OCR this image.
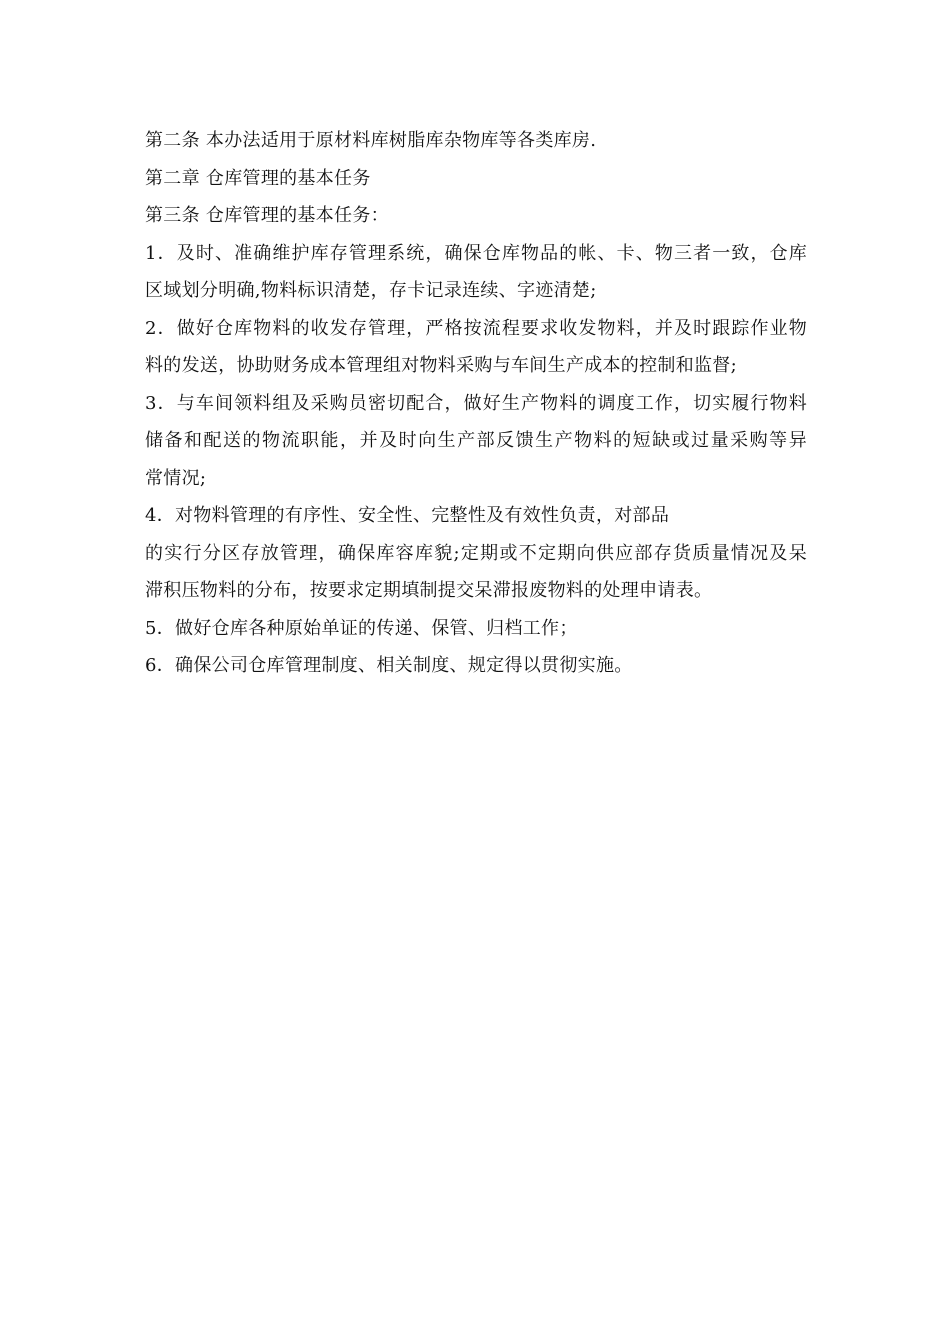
第二条 本办法适用于原材料库树脂库杂物库等各类库房.
第二章 仓库管理的基本任务
第三条 仓库管理的基本任务：
1．及时、准确维护库存管理系统，确保仓库物品的帐、卡、物三者一致，仓库
区域划分明确,物料标识清楚，存卡记录连续、字迹清楚;
2．做好仓库物料的收发存管理，严格按流程要求收发物料，并及时跟踪作业物
料的发送，协助财务成本管理组对物料采购与车间生产成本的控制和监督;
3．与车间领料组及采购员密切配合，做好生产物料的调度工作，切实履行物料
储备和配送的物流职能，并及时向生产部反馈生产物料的短缺或过量采购等异
常情况;
4．对物料管理的有序性、安全性、完整性及有效性负责，对部品
的实行分区存放管理，确保库容库貌;定期或不定期向供应部存货质量情况及呆
滞积压物料的分布，按要求定期填制提交呆滞报废物料的处理申请表。
5．做好仓库各种原始单证的传递、保管、归档工作；
6．确保公司仓库管理制度、相关制度、规定得以贯彻实施。
